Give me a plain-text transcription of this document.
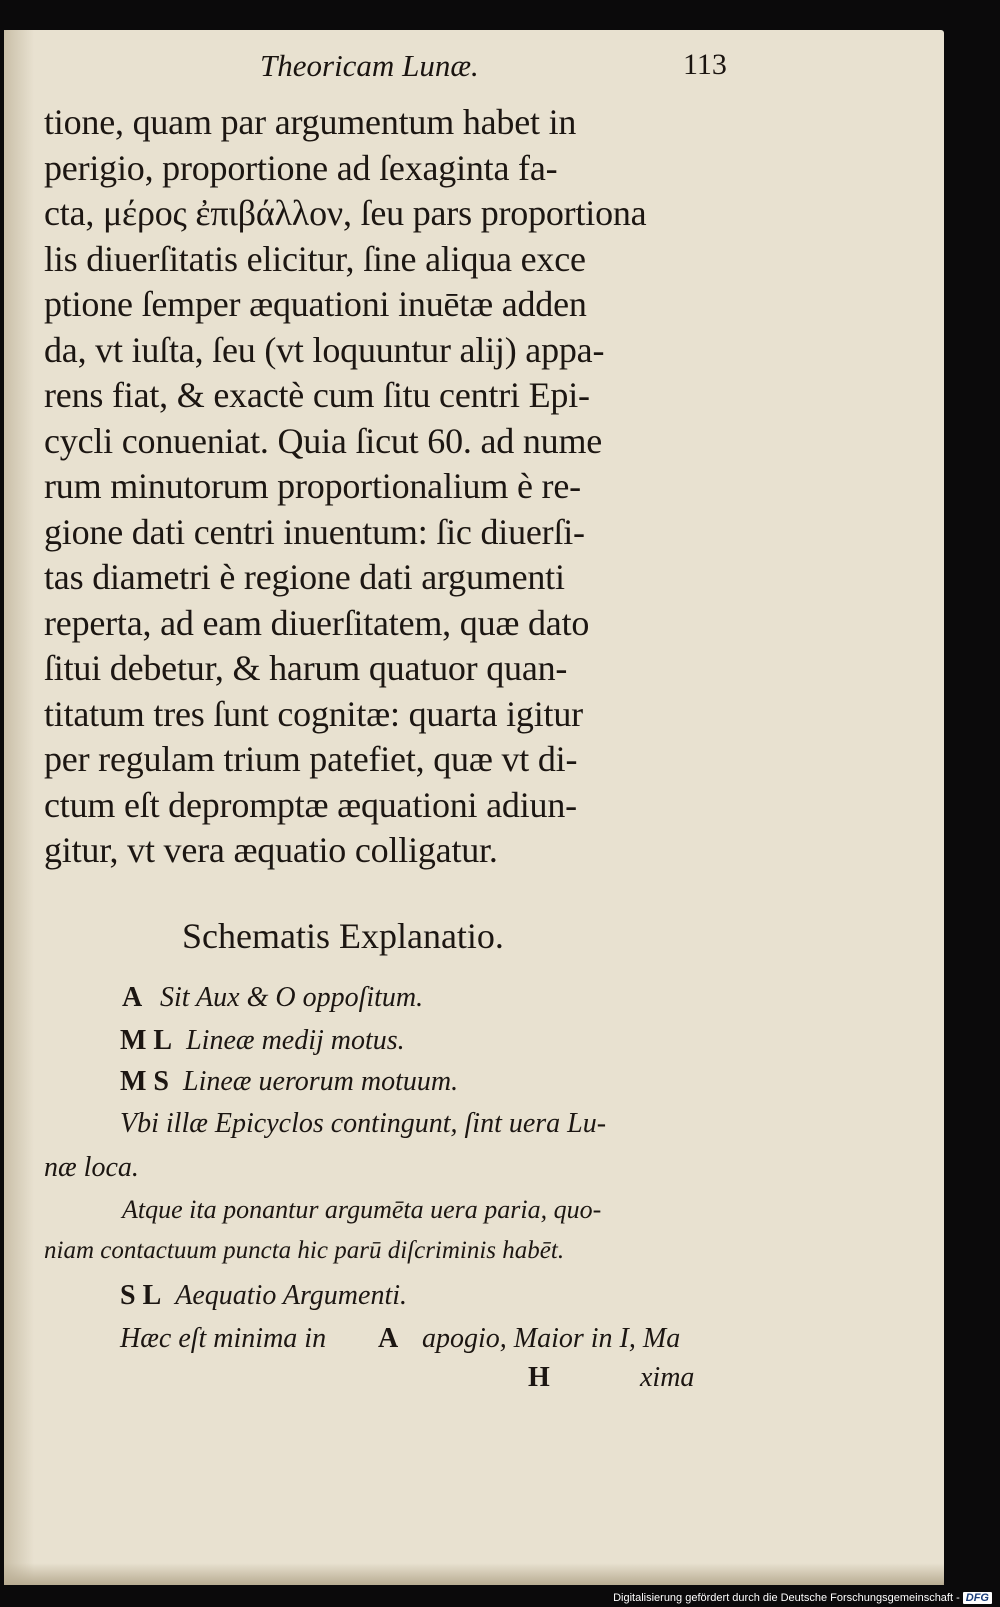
Theoricam Lunæ.	113
tione, quam par argumentum habet in
perigio, proportione ad ſexaginta fa-
cta, μέρος ἐπιβάλλον, ſeu pars proportiona
lis diuerſitatis elicitur, ſine aliqua exce
ptione ſemper æquationi inuētæ adden
da, vt iuſta, ſeu (vt loquuntur alij) appa-
rens fiat, & exactè cum ſitu centri Epi-
cycli conueniat. Quia ſicut 60. ad nume
rum minutorum proportionalium è re-
gione dati centri inuentum: ſic diuerſi-
tas diametri è regione dati argumenti
reperta, ad eam diuerſitatem, quæ dato
ſitui debetur, & harum quatuor quan-
titatum tres ſunt cognitæ: quarta igitur
per regulam trium patefiet, quæ vt di-
ctum eſt depromptæ æquationi adiun-
gitur, vt vera æquatio colligatur.
Schematis Explanatio.
A Sit Aux & O oppoſitum.
M L Lineæ medij motus.
M S Lineæ uerorum motuum.
Vbi illæ Epicyclos contingunt, ſint uera Lu-
næ loca.
Atque ita ponantur argumēta uera paria, quo-
niam contactuum puncta hic parū diſcriminis habēt.
S L Aequatio Argumenti.
Hæc eſt minima in A apogio, Maior in I, Ma
H	xima
Digitalisierung gefördert durch die Deutsche Forschungsgemeinschaft - DFG
